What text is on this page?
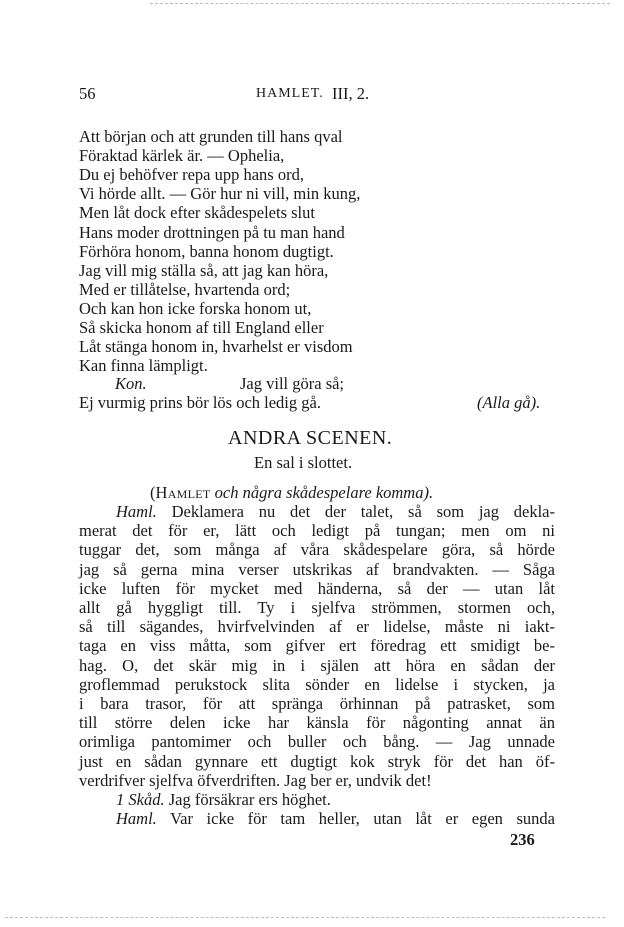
56	HAMLET. III, 2.
Att början och att grunden till hans qval
Föraktad kärlek är. — Ophelia,
Du ej behöfver repa upp hans ord,
Vi hörde allt. — Gör hur ni vill, min kung,
Men låt dock efter skådespelets slut
Hans moder drottningen på tu man hand
Förhöra honom, banna honom dugtigt.
Jag vill mig ställa så, att jag kan höra,
Med er tillåtelse, hvartenda ord;
Och kan hon icke forska honom ut,
Så skicka honom af till England eller
Låt stänga honom in, hvarhelst er visdom
Kan finna lämpligt.
Kon.	Jag vill göra så;
Ej vurmig prins bör lös och ledig gå.	(Alla gå).
ANDRA SCENEN.
En sal i slottet.
(Hamlet och några skådespelare komma).
Haml. Deklamera nu det der talet, så som jag dekla-
merat det för er, lätt och ledigt på tungan; men om ni
tuggar det, som många af våra skådespelare göra, så hörde
jag så gerna mina verser utskrikas af brandvakten. — Såga
icke luften för mycket med händerna, så der — utan låt
allt gå hyggligt till. Ty i sjelfva strömmen, stormen och,
så till sägandes, hvirfvelvinden af er lidelse, måste ni iakt-
taga en viss måtta, som gifver ert föredrag ett smidigt be-
hag. O, det skär mig in i själen att höra en sådan der
groflemmad perukstock slita sönder en lidelse i stycken, ja
i bara trasor, för att spränga örhinnan på patrasket, som
till större delen icke har känsla för någonting annat än
orimliga pantomimer och buller och bång. — Jag unnade
just en sådan gynnare ett dugtigt kok stryk för det han öf-
verdrifver sjelfva öfverdriften. Jag ber er, undvik det!
1 Skåd. Jag försäkrar ers höghet.
Haml. Var icke för tam heller, utan låt er egen sunda
236
